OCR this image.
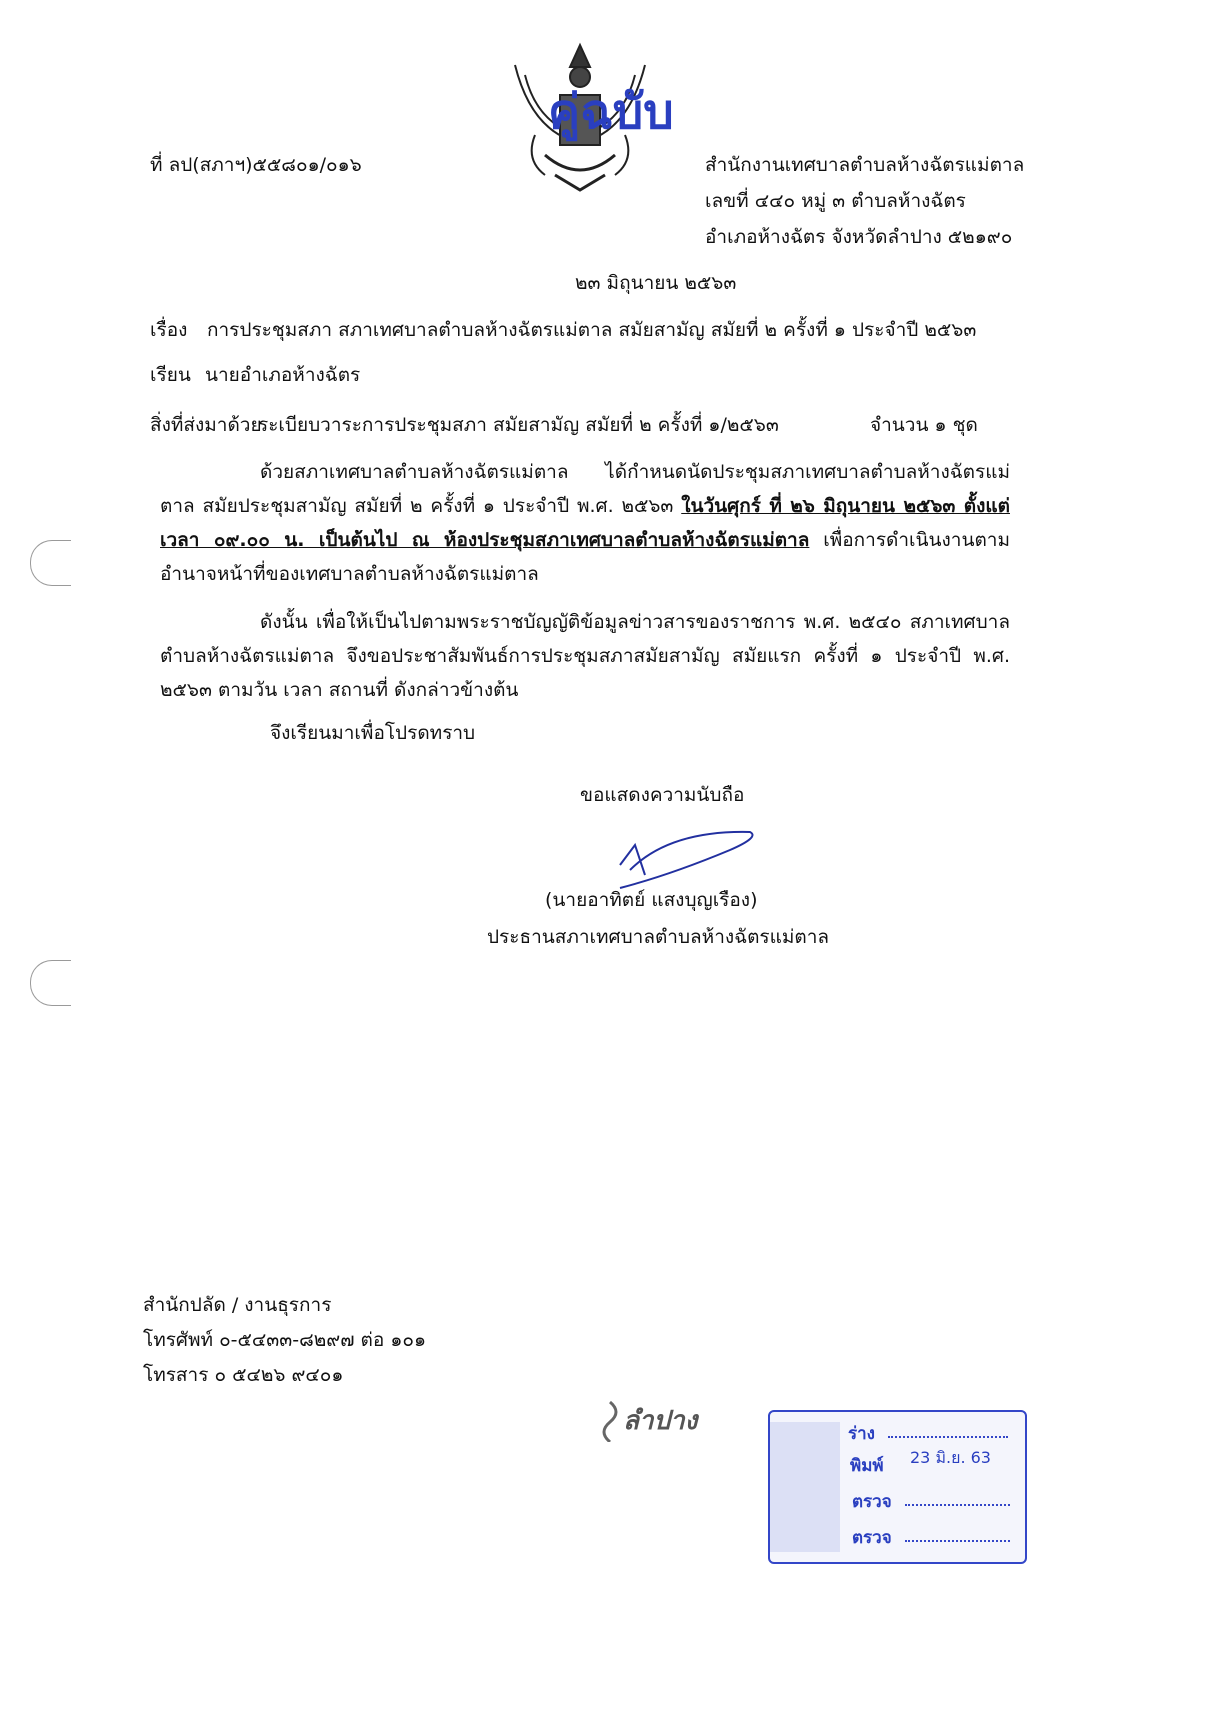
คู่ฉบับ
ที่ ลป(สภาฯ)๕๕๘๐๑/๐๑๖	สำนักงานเทศบาลตำบลห้างฉัตรแม่ตาล
เลขที่ ๔๔๐ หมู่ ๓ ตำบลห้างฉัตร
อำเภอห้างฉัตร จังหวัดลำปาง ๕๒๑๙๐
๒๓ มิถุนายน ๒๕๖๓
เรื่อง การประชุมสภา สภาเทศบาลตำบลห้างฉัตรแม่ตาล สมัยสามัญ สมัยที่ ๒ ครั้งที่ ๑ ประจำปี ๒๕๖๓
เรียน นายอำเภอห้างฉัตร
สิ่งที่ส่งมาด้วย
ระเบียบวาระการประชุมสภา สมัยสามัญ สมัยที่ ๒ ครั้งที่ ๑/๒๕๖๓	จำนวน ๑ ชุด
ด้วยสภาเทศบาลตำบลห้างฉัตรแม่ตาล ได้กำหนดนัดประชุมสภาเทศบาลตำบลห้างฉัตรแม่ตาล สมัยประชุมสามัญ สมัยที่ ๒ ครั้งที่ ๑ ประจำปี พ.ศ. ๒๕๖๓ ในวันศุกร์ ที่ ๒๖ มิถุนายน ๒๕๖๓ ตั้งแต่เวลา ๐๙.๐๐ น. เป็นต้นไป ณ ห้องประชุมสภาเทศบาลตำบลห้างฉัตรแม่ตาล เพื่อการดำเนินงานตามอำนาจหน้าที่ของเทศบาลตำบลห้างฉัตรแม่ตาล
ดังนั้น เพื่อให้เป็นไปตามพระราชบัญญัติข้อมูลข่าวสารของราชการ พ.ศ. ๒๕๔๐ สภาเทศบาลตำบลห้างฉัตรแม่ตาล จึงขอประชาสัมพันธ์การประชุมสภาสมัยสามัญ สมัยแรก ครั้งที่ ๑ ประจำปี พ.ศ. ๒๕๖๓ ตามวัน เวลา สถานที่ ดังกล่าวข้างต้น
จึงเรียนมาเพื่อโปรดทราบ
ขอแสดงความนับถือ
(นายอาทิตย์ แสงบุญเรือง)
ประธานสภาเทศบาลตำบลห้างฉัตรแม่ตาล
สำนักปลัด / งานธุรการ
โทรศัพท์ ๐-๕๔๓๓-๘๒๙๗ ต่อ ๑๐๑
โทรสาร ๐ ๕๔๒๖ ๙๔๐๑
ลำปาง	ร่าง
พิมพ์ 23 มิ.ย. 63
ตรวจ
ตรวจ
